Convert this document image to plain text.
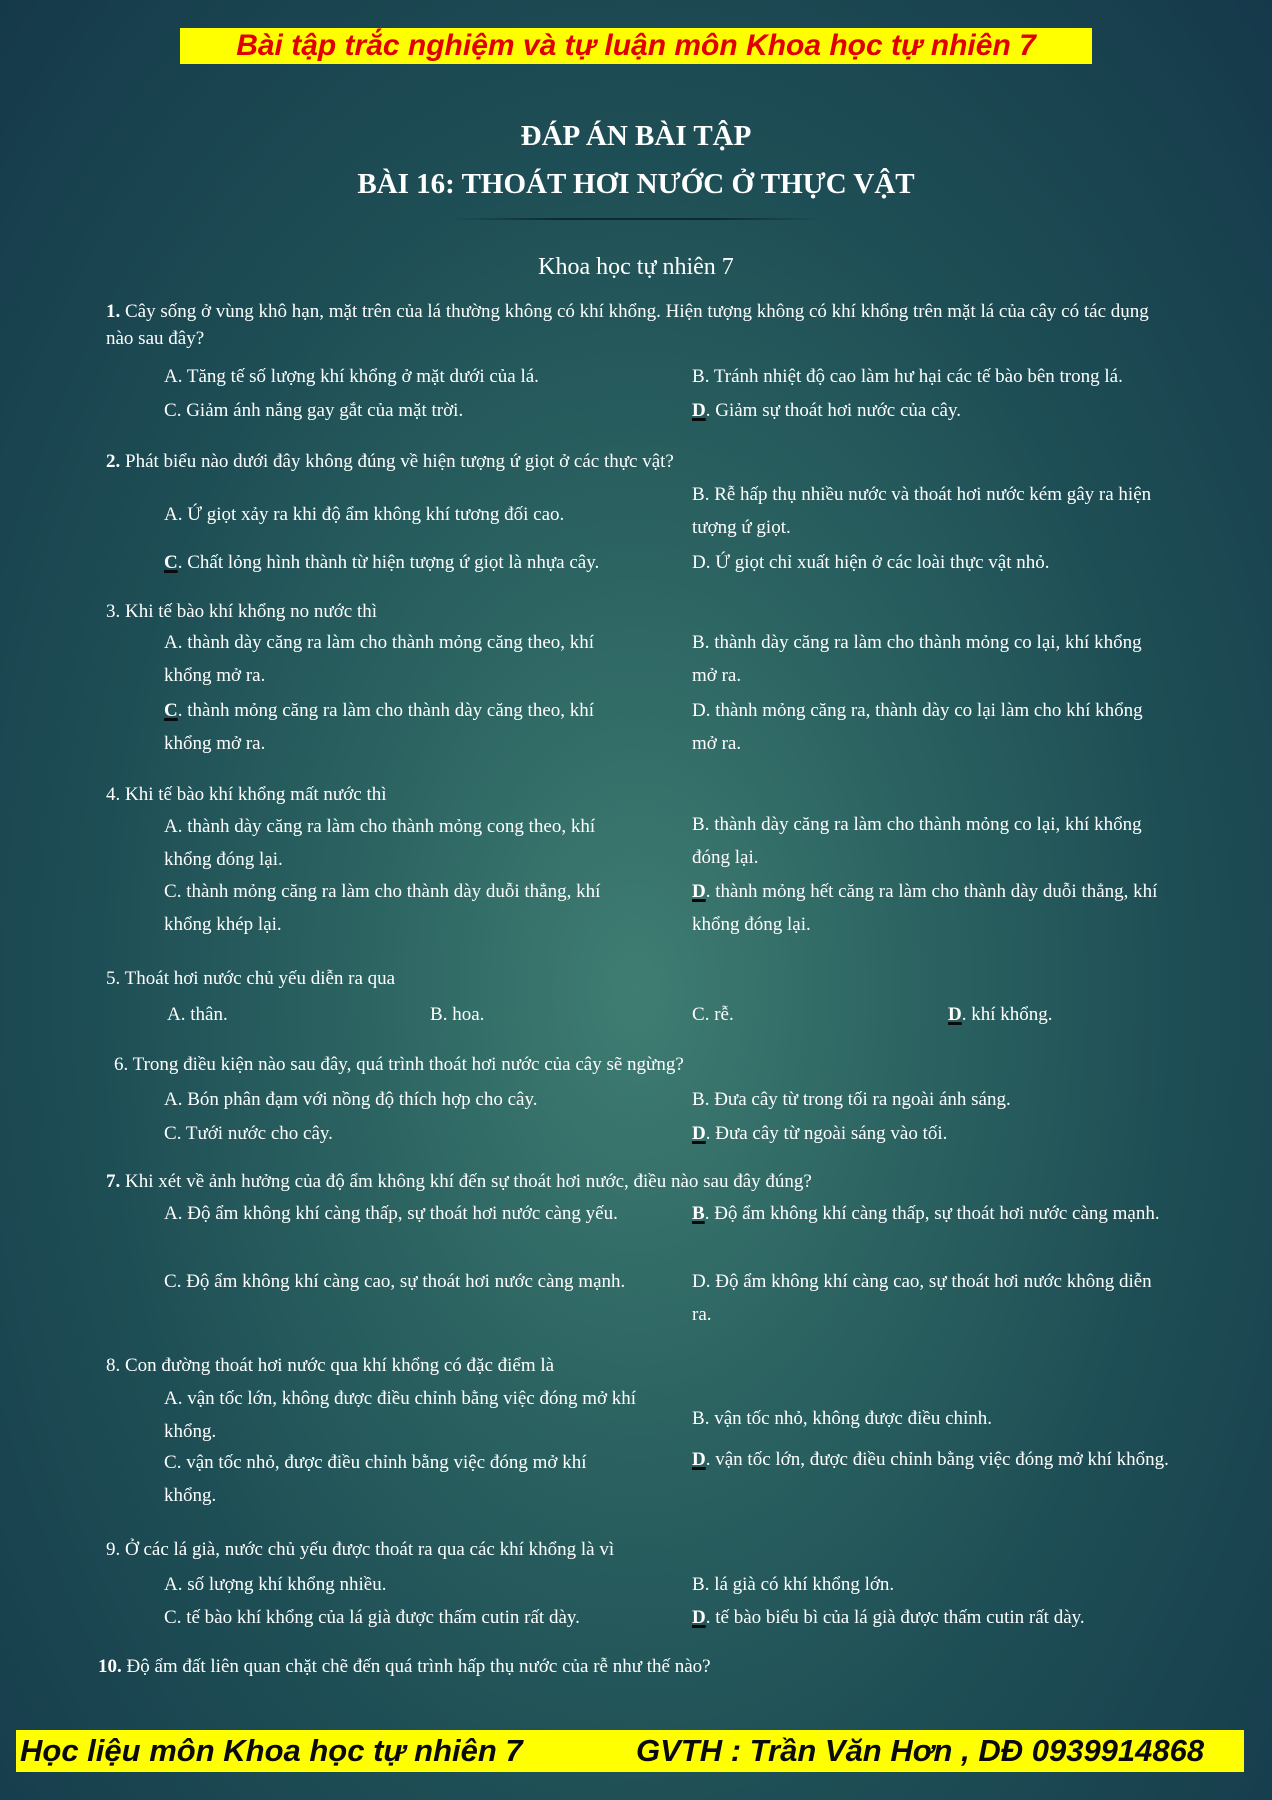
Bài tập trắc nghiệm và tự luận môn Khoa học tự nhiên 7
ĐÁP ÁN BÀI TẬP
BÀI 16: THOÁT HƠI NƯỚC Ở THỰC VẬT
Khoa học tự nhiên 7
1. Cây sống ở vùng khô hạn, mặt trên của lá thường không có khí khổng. Hiện tượng không có khí khổng trên mặt lá của cây có tác dụng nào sau đây?
A. Tăng tế số lượng khí khổng ở mặt dưới của lá.	B. Tránh nhiệt độ cao làm hư hại các tế bào bên trong lá.
C. Giảm ánh nắng gay gắt của mặt trời.	D. Giảm sự thoát hơi nước của cây.
2. Phát biểu nào dưới đây không đúng về hiện tượng ứ giọt ở các thực vật?
A. Ứ giọt xảy ra khi độ ẩm không khí tương đối cao.
B. Rễ hấp thụ nhiều nước và thoát hơi nước kém gây ra hiện tượng ứ giọt.
C. Chất lỏng hình thành từ hiện tượng ứ giọt là nhựa cây.	D. Ứ giọt chỉ xuất hiện ở các loài thực vật nhỏ.
3. Khi tế bào khí khổng no nước thì
A. thành dày căng ra làm cho thành mỏng căng theo, khí khổng mở ra.
B. thành dày căng ra làm cho thành mỏng co lại, khí khổng mở ra.
C. thành mỏng căng ra làm cho thành dày căng theo, khí khổng mở ra.
D. thành mỏng căng ra, thành dày co lại làm cho khí khổng mở ra.
4. Khi tế bào khí khổng mất nước thì
A. thành dày căng ra làm cho thành mỏng cong theo, khí khổng đóng lại.
B. thành dày căng ra làm cho thành mỏng co lại, khí khổng đóng lại.
C. thành mỏng căng ra làm cho thành dày duỗi thẳng, khí khổng khép lại.
D. thành mỏng hết căng ra làm cho thành dày duỗi thẳng, khí khổng đóng lại.
5. Thoát hơi nước chủ yếu diễn ra qua
A. thân.	B. hoa.	C. rễ.	D. khí khổng.
6. Trong điều kiện nào sau đây, quá trình thoát hơi nước của cây sẽ ngừng?
A. Bón phân đạm với nồng độ thích hợp cho cây.	B. Đưa cây từ trong tối ra ngoài ánh sáng.
C. Tưới nước cho cây.	D. Đưa cây từ ngoài sáng vào tối.
7. Khi xét về ảnh hưởng của độ ẩm không khí đến sự thoát hơi nước, điều nào sau đây đúng?
A. Độ ẩm không khí càng thấp, sự thoát hơi nước càng yếu.	B. Độ ẩm không khí càng thấp, sự thoát hơi nước càng mạnh.
C. Độ ẩm không khí càng cao, sự thoát hơi nước càng mạnh.	D. Độ ẩm không khí càng cao, sự thoát hơi nước không diễn ra.
8. Con đường thoát hơi nước qua khí khổng có đặc điểm là
A. vận tốc lớn, không được điều chỉnh bằng việc đóng mở khí khổng.
B. vận tốc nhỏ, không được điều chỉnh.
C. vận tốc nhỏ, được điều chỉnh bằng việc đóng mở khí khổng.
D. vận tốc lớn, được điều chỉnh bằng việc đóng mở khí khổng.
9. Ở các lá già, nước chủ yếu được thoát ra qua các khí khổng là vì
A. số lượng khí khổng nhiều.	B. lá già có khí khổng lớn.
C. tế bào khí khổng của lá già được thấm cutin rất dày.	D. tế bào biểu bì của lá già được thấm cutin rất dày.
10. Độ ẩm đất liên quan chặt chẽ đến quá trình hấp thụ nước của rễ như thế nào?
Học liệu môn Khoa học tự nhiên 7	GVTH : Trần Văn Hơn , DĐ 0939914868
